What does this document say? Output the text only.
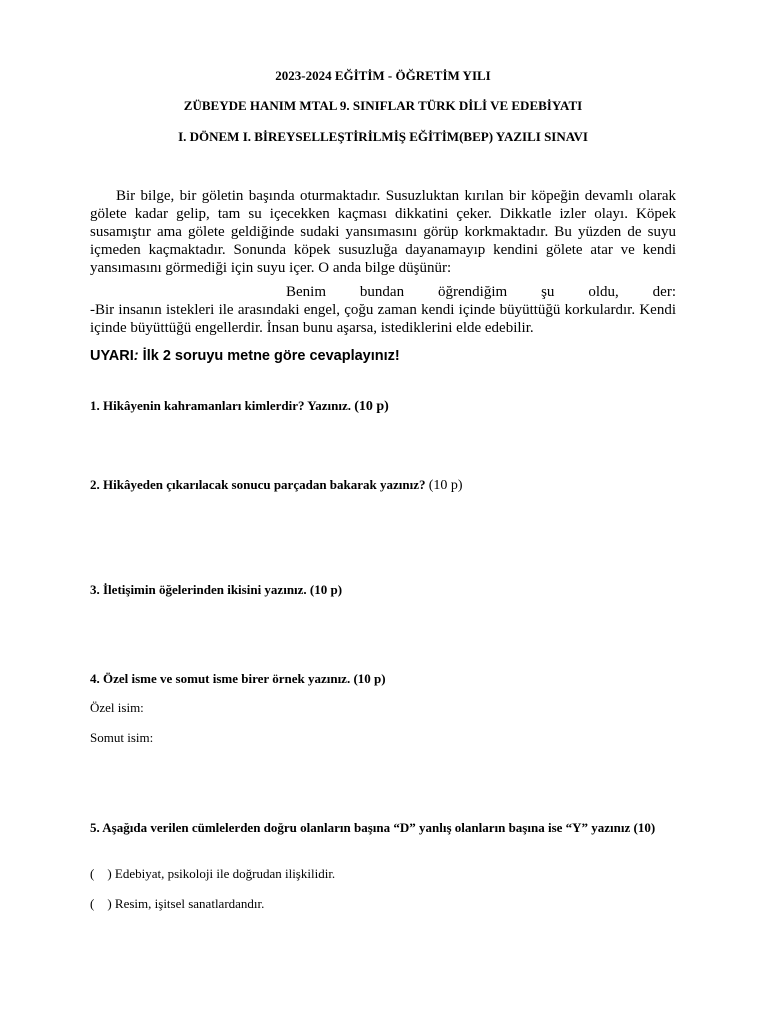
2023-2024 EĞİTİM - ÖĞRETİM YILI
ZÜBEYDE HANIM MTAL 9. SINIFLAR TÜRK DİLİ VE EDEBİYATI
I. DÖNEM I. BİREYSELLEŞTİRİLMİŞ EĞİTİM(BEP) YAZILI SINAVI

Bir bilge, bir göletin başında oturmaktadır. Susuzluktan kırılan bir köpeğin devamlı olarak gölete kadar gelip, tam su içecekken kaçması dikkatini çeker. Dikkatle izler olayı. Köpek susamıştır ama gölete geldiğinde sudaki yansımasını görüp korkmaktadır. Bu yüzden de suyu içmeden kaçmaktadır. Sonunda köpek susuzluğa dayanamayıp kendini gölete atar ve kendi yansımasını görmediği için suyu içer. O anda bilge düşünür:

Benim bundan öğrendiğim şu oldu, der:

-Bir insanın istekleri ile arasındaki engel, çoğu zaman kendi içinde büyüttüğü korkulardır. Kendi içinde büyüttüğü engellerdir. İnsan bunu aşarsa, istediklerini elde edebilir.

UYARI: İlk 2 soruyu metne göre cevaplayınız!
1. Hikâyenin kahramanları kimlerdir? Yazınız. (10 p)
2. Hikâyeden çıkarılacak sonucu parçadan bakarak yazınız? (10 p)
3. İletişimin öğelerinden ikisini yazınız. (10 p)
4. Özel isme ve somut isme birer örnek yazınız. (10 p)
Özel isim:
Somut isim:
5. Aşağıda verilen cümlelerden doğru olanların başına “D” yanlış olanların başına ise “Y” yazınız (10)
(    ) Edebiyat, psikoloji ile doğrudan ilişkilidir.
(    ) Resim, işitsel sanatlardandır.
